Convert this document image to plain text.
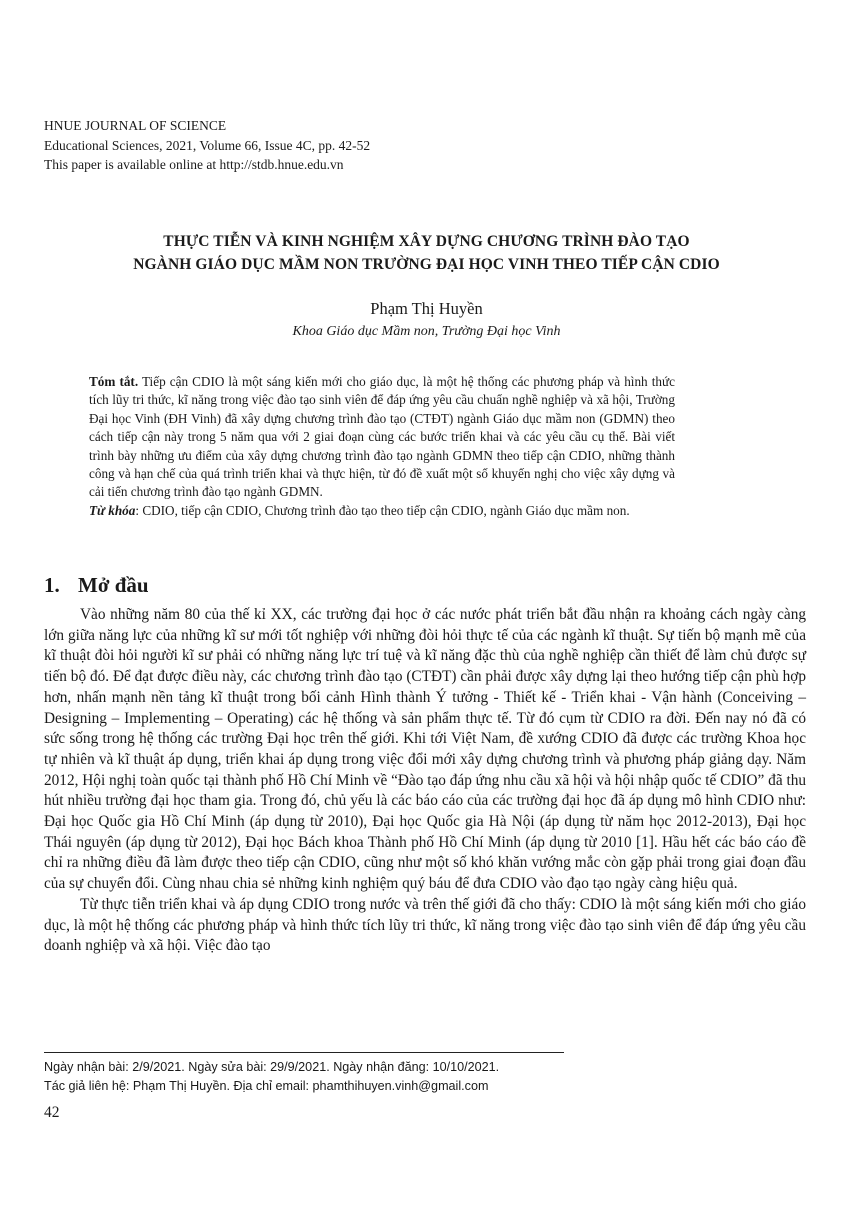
HNUE JOURNAL OF SCIENCE
Educational Sciences, 2021, Volume 66, Issue 4C, pp. 42-52
This paper is available online at http://stdb.hnue.edu.vn
THỰC TIỄN VÀ KINH NGHIỆM XÂY DỰNG CHƯƠNG TRÌNH ĐÀO TẠO
NGÀNH GIÁO DỤC MẦM NON TRƯỜNG ĐẠI HỌC VINH THEO TIẾP CẬN CDIO
Phạm Thị Huyền
Khoa Giáo dục Mầm non, Trường Đại học Vinh

Tóm tắt. Tiếp cận CDIO là một sáng kiến mới cho giáo dục, là một hệ thống các phương pháp và hình thức tích lũy tri thức, kĩ năng trong việc đào tạo sinh viên để đáp ứng yêu cầu chuẩn nghề nghiệp và xã hội, Trường Đại học Vinh (ĐH Vinh) đã xây dựng chương trình đào tạo (CTĐT) ngành Giáo dục mầm non (GDMN) theo cách tiếp cận này trong 5 năm qua với 2 giai đoạn cùng các bước triển khai và các yêu cầu cụ thể. Bài viết trình bày những ưu điểm của xây dựng chương trình đào tạo ngành GDMN theo tiếp cận CDIO, những thành công và hạn chế của quá trình triển khai và thực hiện, từ đó đề xuất một số khuyến nghị cho việc xây dựng và cải tiến chương trình đào tạo ngành GDMN.

Từ khóa: CDIO, tiếp cận CDIO, Chương trình đào tạo theo tiếp cận CDIO, ngành Giáo dục mầm non.

1. Mở đầu

Vào những năm 80 của thế kỉ XX, các trường đại học ở các nước phát triển bắt đầu nhận ra khoảng cách ngày càng lớn giữa năng lực của những kĩ sư mới tốt nghiệp với những đòi hỏi thực tế của các ngành kĩ thuật. Sự tiến bộ mạnh mẽ của kĩ thuật đòi hỏi người kĩ sư phải có những năng lực trí tuệ và kĩ năng đặc thù của nghề nghiệp cần thiết để làm chủ được sự tiến bộ đó. Để đạt được điều này, các chương trình đào tạo (CTĐT) cần phải được xây dựng lại theo hướng tiếp cận phù hợp hơn, nhấn mạnh nền tảng kĩ thuật trong bối cảnh Hình thành Ý tưởng - Thiết kế - Triển khai - Vận hành (Conceiving – Designing – Implementing – Operating) các hệ thống và sản phẩm thực tế. Từ đó cụm từ CDIO ra đời. Đến nay nó đã có sức sống trong hệ thống các trường Đại học trên thế giới. Khi tới Việt Nam, đề xướng CDIO đã được các trường Khoa học tự nhiên và kĩ thuật áp dụng, triển khai áp dụng trong việc đổi mới xây dựng chương trình và phương pháp giảng dạy. Năm 2012, Hội nghị toàn quốc tại thành phố Hồ Chí Minh về “Đào tạo đáp ứng nhu cầu xã hội và hội nhập quốc tế CDIO” đã thu hút nhiều trường đại học tham gia. Trong đó, chủ yếu là các báo cáo của các trường đại học đã áp dụng mô hình CDIO như: Đại học Quốc gia Hồ Chí Minh (áp dụng từ 2010), Đại học Quốc gia Hà Nội (áp dụng từ năm học 2012-2013), Đại học Thái nguyên (áp dụng từ 2012), Đại học Bách khoa Thành phố Hồ Chí Minh (áp dụng từ 2010 [1]. Hầu hết các báo cáo đề chỉ ra những điều đã làm được theo tiếp cận CDIO, cũng như một số khó khăn vướng mắc còn gặp phải trong giai đoạn đầu của sự chuyển đổi. Cùng nhau chia sẻ những kinh nghiệm quý báu để đưa CDIO vào đạo tạo ngày càng hiệu quả.

Từ thực tiễn triển khai và áp dụng CDIO trong nước và trên thế giới đã cho thấy: CDIO là một sáng kiến mới cho giáo dục, là một hệ thống các phương pháp và hình thức tích lũy tri thức, kĩ năng trong việc đào tạo sinh viên để đáp ứng yêu cầu doanh nghiệp và xã hội. Việc đào tạo

Ngày nhận bài: 2/9/2021. Ngày sửa bài: 29/9/2021. Ngày nhận đăng: 10/10/2021.
Tác giả liên hệ: Phạm Thị Huyền. Địa chỉ email: phamthihuyen.vinh@gmail.com
42
